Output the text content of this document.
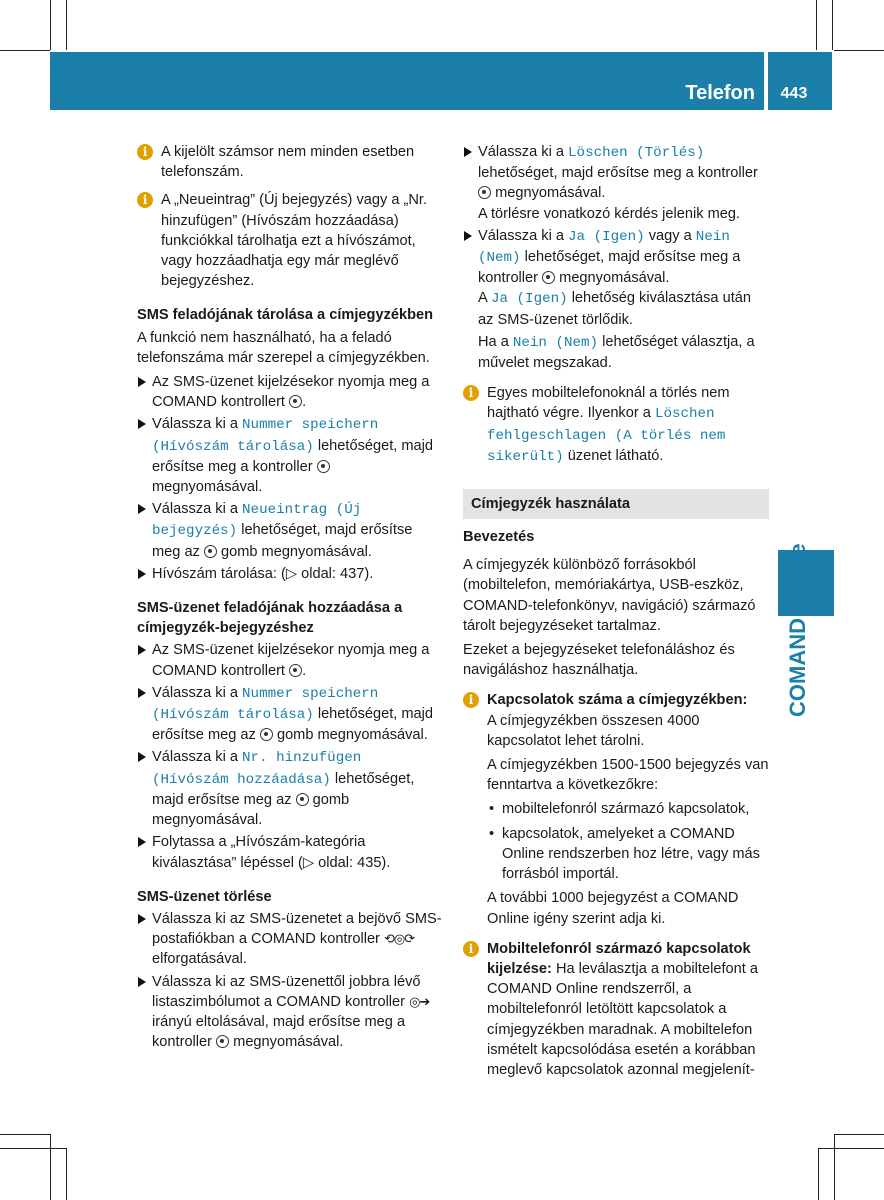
Telefon	443
COMAND Online
i A kijelölt számsor nem minden esetben telefonszám.

i A „Neueintrag” (Új bejegyzés) vagy a „Nr. hinzufügen” (Hívószám hozzáadása) funkciókkal tárolhatja ezt a hívószámot, vagy hozzáadhatja egy már meglévő bejegyzéshez.

SMS feladójának tárolása a címjegyzékben

A funkció nem használható, ha a feladó telefonszáma már szerepel a címjegyzékben.

Az SMS-üzenet kijelzésekor nyomja meg a COMAND kontrollert .
Válassza ki a Nummer speichern (Hívószám tárolása) lehetőséget, majd erősítse meg a kontroller  megnyomásával.
Válassza ki a Neueintrag (Új bejegyzés) lehetőséget, majd erősítse meg az gomb megnyomásával.
Hívószám tárolása: (▷ oldal: 437).

SMS-üzenet feladójának hozzáadása a címjegyzék-bejegyzéshez

Az SMS-üzenet kijelzésekor nyomja meg a COMAND kontrollert .
Válassza ki a Nummer speichern (Hívószám tárolása) lehetőséget, majd erősítse meg az gomb megnyomásával.
Válassza ki a Nr. hinzufügen (Hívószám hozzáadása) lehetőséget, majd erősítse meg az gomb megnyomásával.
Folytassa a „Hívószám-kategória kiválasztása” lépéssel (▷ oldal: 435).

SMS-üzenet törlése

Válassza ki az SMS-üzenetet a bejövő SMS-postafiókban a COMAND kontroller ⟲◎⟳ elforgatásával.
Válassza ki az SMS-üzenettől jobbra lévő listaszimbólumot a COMAND kontroller ◎➔ irányú eltolásával, majd erősítse meg a kontroller megnyomásával.
Válassza ki a Löschen (Törlés) lehetőséget, majd erősítse meg a kontroller  megnyomásával.

A törlésre vonatkozó kérdés jelenik meg.

Válassza ki a Ja (Igen) vagy a Nein (Nem) lehetőséget, majd erősítse meg a kontroller megnyomásával.

A Ja (Igen) lehetőség kiválasztása után az SMS-üzenet törlődik.

Ha a Nein (Nem) lehetőséget választja, a művelet megszakad.

i Egyes mobiltelefonoknál a törlés nem hajtható végre. Ilyenkor a Löschen fehlgeschlagen (A törlés nem sikerült) üzenet látható.

Címjegyzék használata

Bevezetés

A címjegyzék különböző forrásokból (mobiltelefon, memóriakártya, USB-eszköz, COMAND-telefonkönyv, navigáció) származó tárolt bejegyzéseket tartalmaz.

Ezeket a bejegyzéseket telefonáláshoz és navigáláshoz használhatja.

i Kapcsolatok száma a címjegyzékben:

A címjegyzékben összesen 4000 kapcsolatot lehet tárolni.

A címjegyzékben 1500-1500 bejegyzés van fenntartva a következőkre:

• mobiltelefonról származó kapcsolatok,
• kapcsolatok, amelyeket a COMAND Online rendszerben hoz létre, vagy más forrásból importál.

A további 1000 bejegyzést a COMAND Online igény szerint adja ki.

i Mobiltelefonról származó kapcsolatok kijelzése: Ha leválasztja a mobiltelefont a COMAND Online rendszerről, a mobiltelefonról letöltött kapcsolatok a címjegyzékben maradnak. A mobiltelefon ismételt kapcsolódása esetén a korábban meglevő kapcsolatok azonnal megjelenít-
